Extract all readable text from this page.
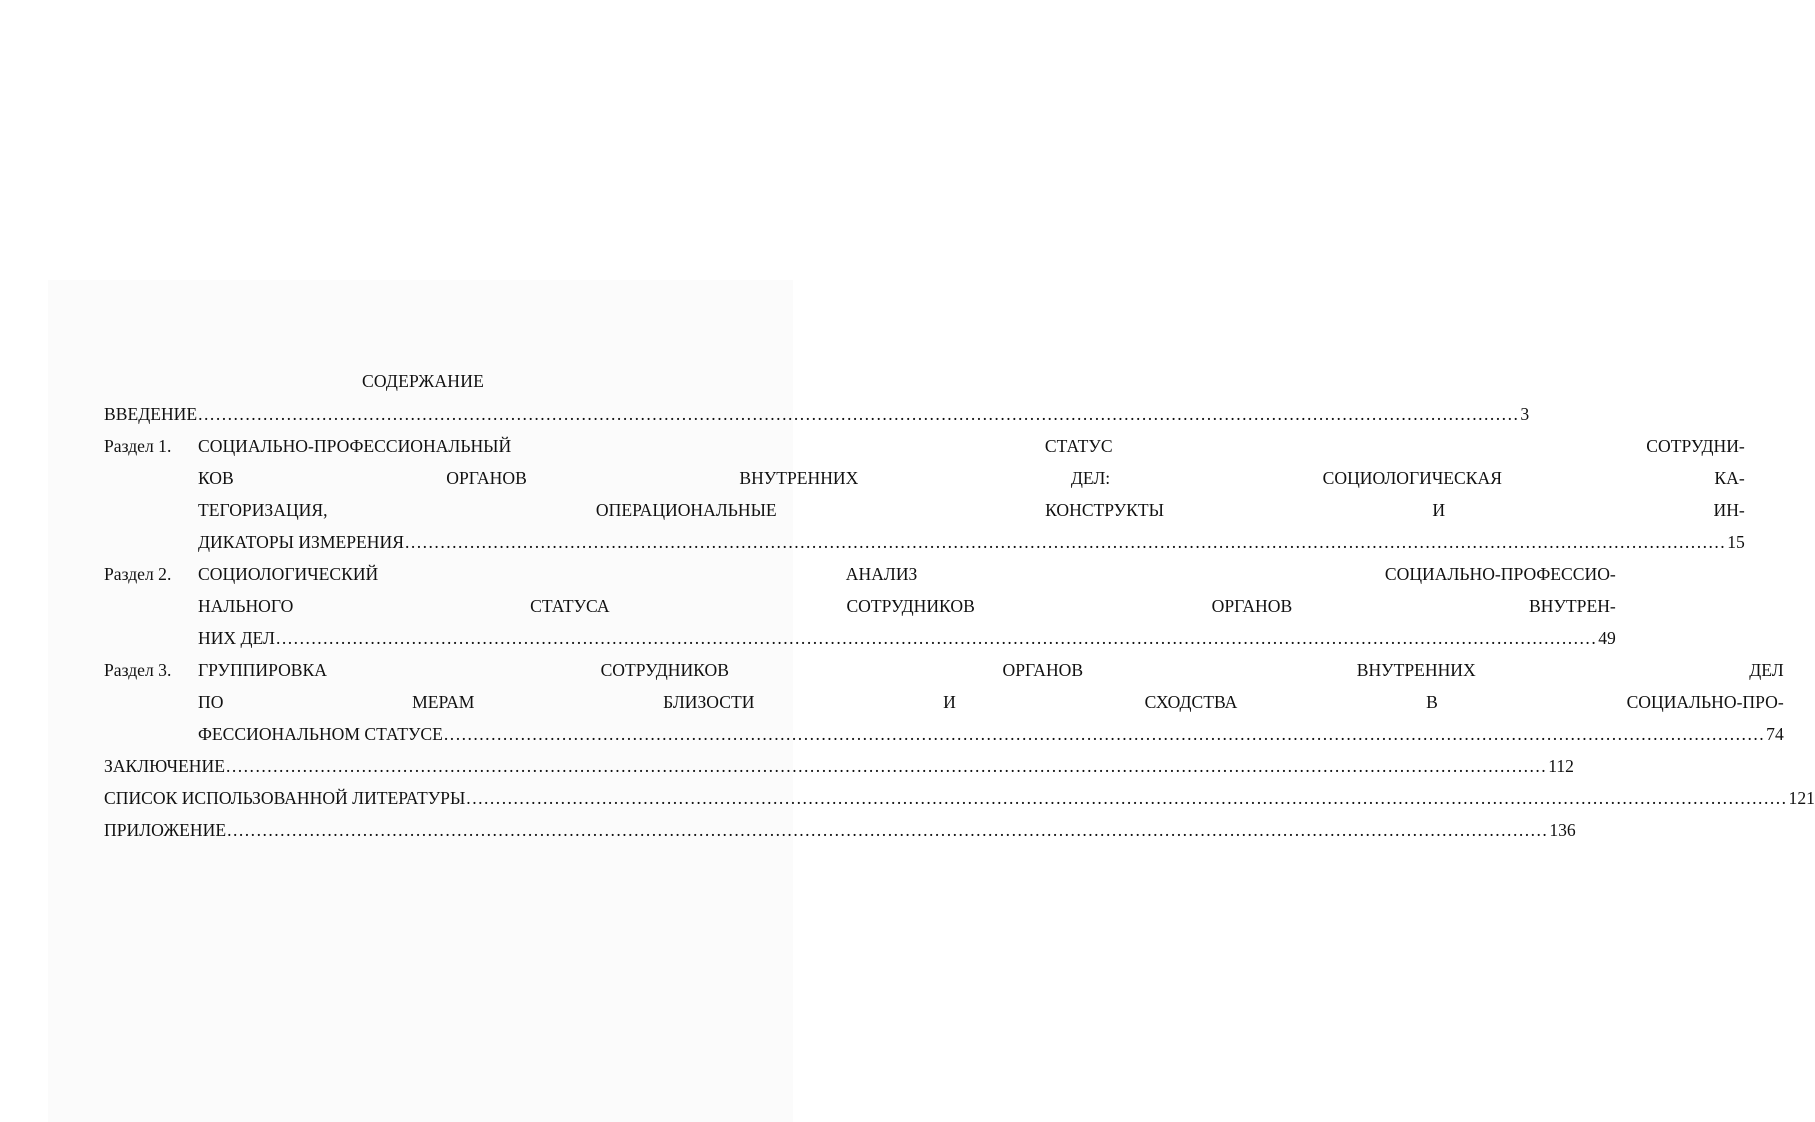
СОДЕРЖАНИЕ
ВВЕДЕНИЕ .....	3
Раздел 1.	СОЦИАЛЬНО-ПРОФЕССИОНАЛЬНЫЙ	СТАТУС	СОТРУДНИ-
КОВ	ОРГАНОВ	ВНУТРЕННИХ	ДЕЛ:	СОЦИОЛОГИЧЕСКАЯ	КА-
ТЕГОРИЗАЦИЯ,	ОПЕРАЦИОНАЛЬНЫЕ	КОНСТРУКТЫ	И	ИН-
ДИКАТОРЫ ИЗМЕРЕНИЯ .....	15
Раздел 2.	СОЦИОЛОГИЧЕСКИЙ	АНАЛИЗ	СОЦИАЛЬНО-ПРОФЕССИО-
НАЛЬНОГО	СТАТУСА	СОТРУДНИКОВ	ОРГАНОВ	ВНУТРЕН-
НИХ ДЕЛ .....	49
Раздел 3.	ГРУППИРОВКА	СОТРУДНИКОВ	ОРГАНОВ	ВНУТРЕННИХ	ДЕЛ
ПО	МЕРАМ	БЛИЗОСТИ	И	СХОДСТВА	В	СОЦИАЛЬНО-ПРО-
ФЕССИОНАЛЬНОМ СТАТУСЕ .....	74
ЗАКЛЮЧЕНИЕ .....	112
СПИСОК ИСПОЛЬЗОВАННОЙ ЛИТЕРАТУРЫ .....	121
ПРИЛОЖЕНИЕ .....	136
